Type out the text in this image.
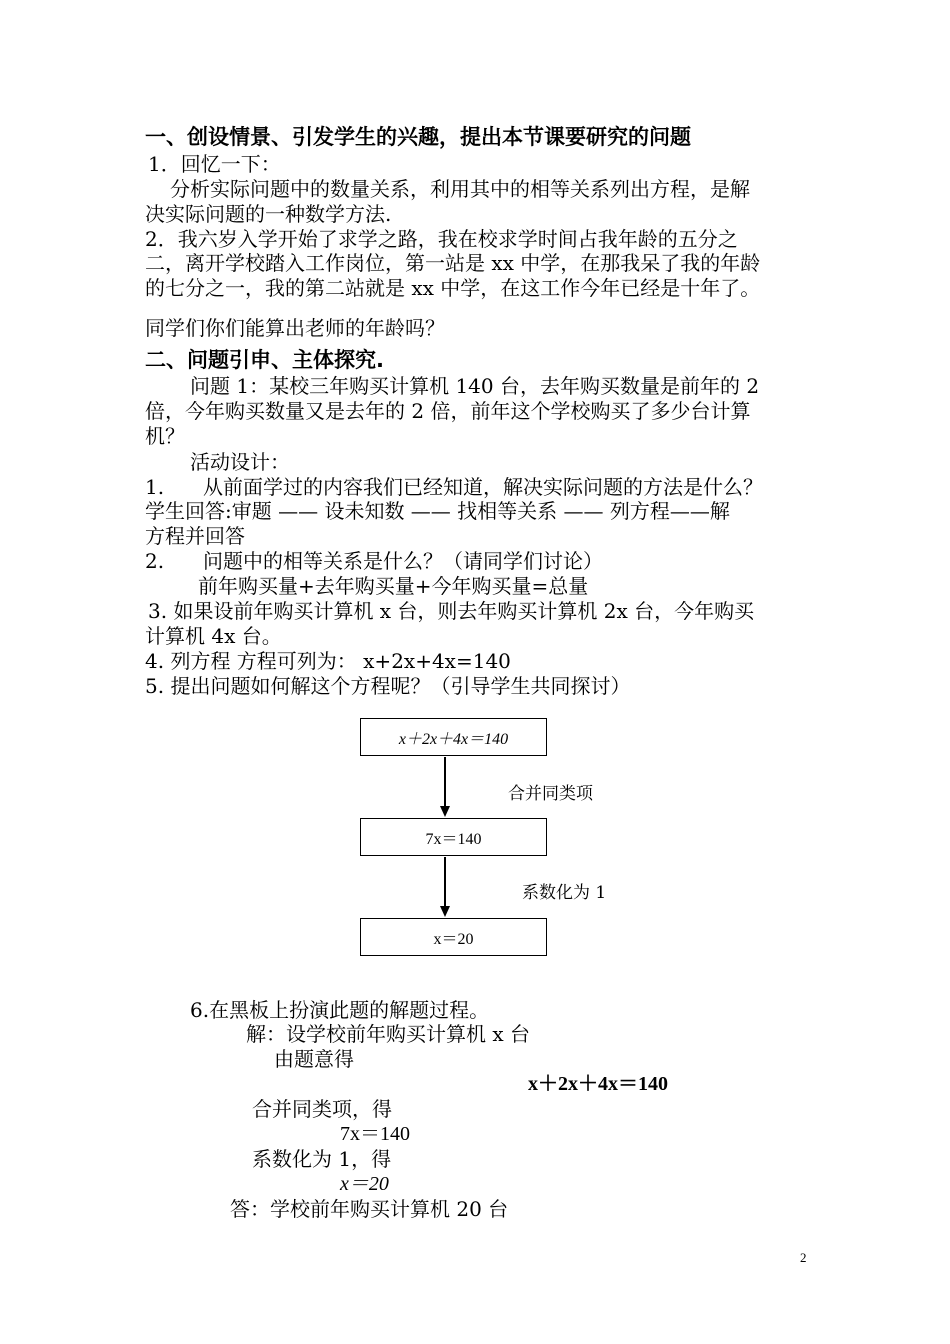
一、创设情景、引发学生的兴趣，提出本节课要研究的问题
1．回忆一下：
分析实际问题中的数量关系，利用其中的相等关系列出方程，是解
决实际问题的一种数学方法.
2．我六岁入学开始了求学之路，我在校求学时间占我年龄的五分之
二，离开学校踏入工作岗位，第一站是 xx 中学，在那我呆了我的年龄
的七分之一，我的第二站就是 xx 中学，在这工作今年已经是十年了。
同学们你们能算出老师的年龄吗？
二、问题引申、主体探究.
问题 1：某校三年购买计算机 140 台，去年购买数量是前年的 2
倍，今年购买数量又是去年的 2 倍，前年这个学校购买了多少台计算
机？
活动设计：
1. 从前面学过的内容我们已经知道，解决实际问题的方法是什么？
学生回答:审题 —— 设未知数 —— 找相等关系 —— 列方程——解
方程并回答
2. 问题中的相等关系是什么？（请同学们讨论）
前年购买量+去年购买量+今年购买量=总量
3. 如果设前年购买计算机 x 台，则去年购买计算机 2x 台，今年购买
计算机 4x 台。
4. 列方程 方程可列为： x+2x+4x=140
5. 提出问题如何解这个方程呢？（引导学生共同探讨）
x＋2x＋4x＝140
合并同类项
7x＝140
系数化为 1
x＝20
6.在黑板上扮演此题的解题过程。
解：设学校前年购买计算机 x 台
由题意得
x＋2x＋4x＝140
合并同类项，得
7x＝140
系数化为 1，得
x＝20
答：学校前年购买计算机 20 台
2
